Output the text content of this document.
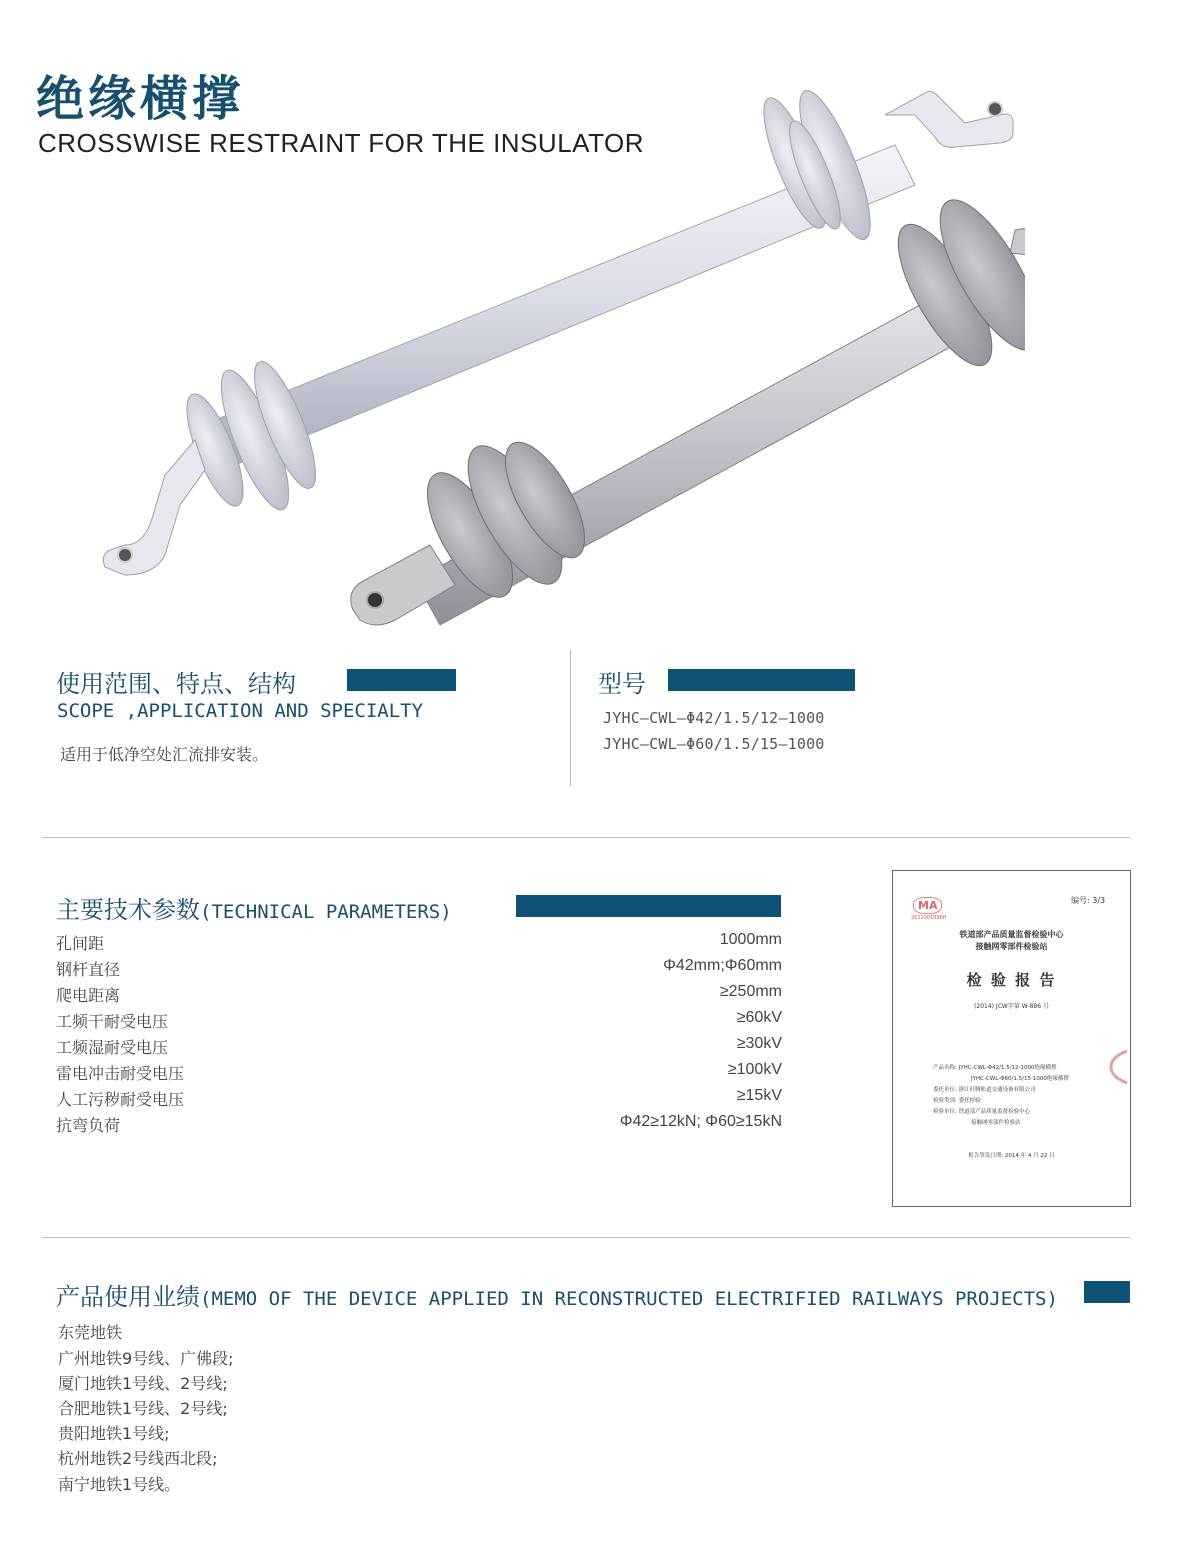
绝缘横撑
CROSSWISE RESTRAINT FOR THE INSULATOR
使用范围、特点、结构
SCOPE ,APPLICATION AND SPECIALTY
适用于低净空处汇流排安装。
型号
JYHC–CWL–Φ42/1.5/12–1000
JYHC–CWL–Φ60/1.5/15–1000
主要技术参数(TECHNICAL PARAMETERS)
孔间距	1000mm
钢杆直径	Φ42mm;Φ60mm
爬电距离	≥250mm
工频干耐受电压	≥60kV
工频湿耐受电压	≥30kV
雷电冲击耐受电压	≥100kV
人工污秽耐受电压	≥15kV
抗弯负荷	Φ42≥12kN; Φ60≥15kN
MA
2012001096H
编号: 3/3
铁道部产品质量监督检验中心
接触网零部件检验站
检 验 报 告
(2014) JCW字第 W-886 号
产品名称: JYHC-CWL-Φ42/1.5/12-1000绝缘横撑
JYHC-CWL-Φ60/1.5/15-1000绝缘横撑
委托单位: 浙江旺腾轨道交通设备有限公司
检验类别: 委托检验
检验单位: 铁道部产品质量监督检验中心
接触网零部件检验站
报告签发日期: 2014 年 4 月 22 日
产品使用业绩(MEMO OF THE DEVICE APPLIED IN RECONSTRUCTED ELECTRIFIED RAILWAYS PROJECTS)
东莞地铁
广州地铁9号线、广佛段;
厦门地铁1号线、2号线;
合肥地铁1号线、2号线;
贵阳地铁1号线;
杭州地铁2号线西北段;
南宁地铁1号线。
